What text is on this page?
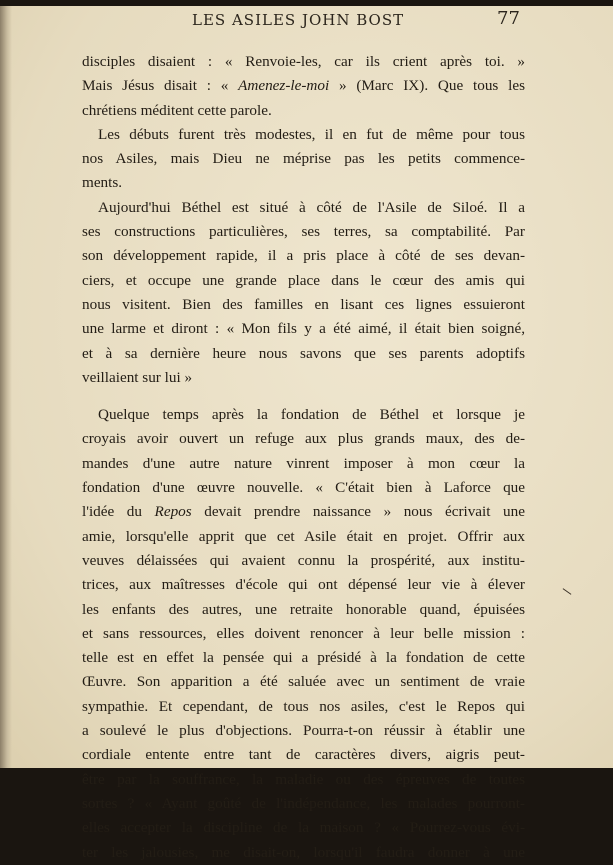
LES ASILES JOHN BOST	77
disciples disaient : « Renvoie-les, car ils crient après toi. »
Mais Jésus disait : « Amenez-le-moi » (Marc IX). Que tous les
chrétiens méditent cette parole.
Les débuts furent très modestes, il en fut de même pour tous
nos Asiles, mais Dieu ne méprise pas les petits commence-
ments.
Aujourd'hui Béthel est situé à côté de l'Asile de Siloé. Il a
ses constructions particulières, ses terres, sa comptabilité. Par
son développement rapide, il a pris place à côté de ses devan-
ciers, et occupe une grande place dans le cœur des amis qui
nous visitent. Bien des familles en lisant ces lignes essuieront
une larme et diront : « Mon fils y a été aimé, il était bien soigné,
et à sa dernière heure nous savons que ses parents adoptifs
veillaient sur lui »
Quelque temps après la fondation de Béthel et lorsque je
croyais avoir ouvert un refuge aux plus grands maux, des de-
mandes d'une autre nature vinrent imposer à mon cœur la
fondation d'une œuvre nouvelle. « C'était bien à Laforce que
l'idée du Repos devait prendre naissance » nous écrivait une
amie, lorsqu'elle apprit que cet Asile était en projet. Offrir aux
veuves délaissées qui avaient connu la prospérité, aux institu-
trices, aux maîtresses d'école qui ont dépensé leur vie à élever
les enfants des autres, une retraite honorable quand, épuisées
et sans ressources, elles doivent renoncer à leur belle mission :
telle est en effet la pensée qui a présidé à la fondation de cette
Œuvre. Son apparition a été saluée avec un sentiment de vraie
sympathie. Et cependant, de tous nos asiles, c'est le Repos qui
a soulevé le plus d'objections. Pourra-t-on réussir à établir une
cordiale entente entre tant de caractères divers, aigris peut-
être par la souffrance, la maladie ou des épreuves de toutes
sortes ? « Ayant goûté de l'indépendance, les malades pourront-
elles accepter la discipline de la maison ? « Pourrez-vous évi-
ter les jalousies, me disait-on, lorsqu'il faudra donner à une
